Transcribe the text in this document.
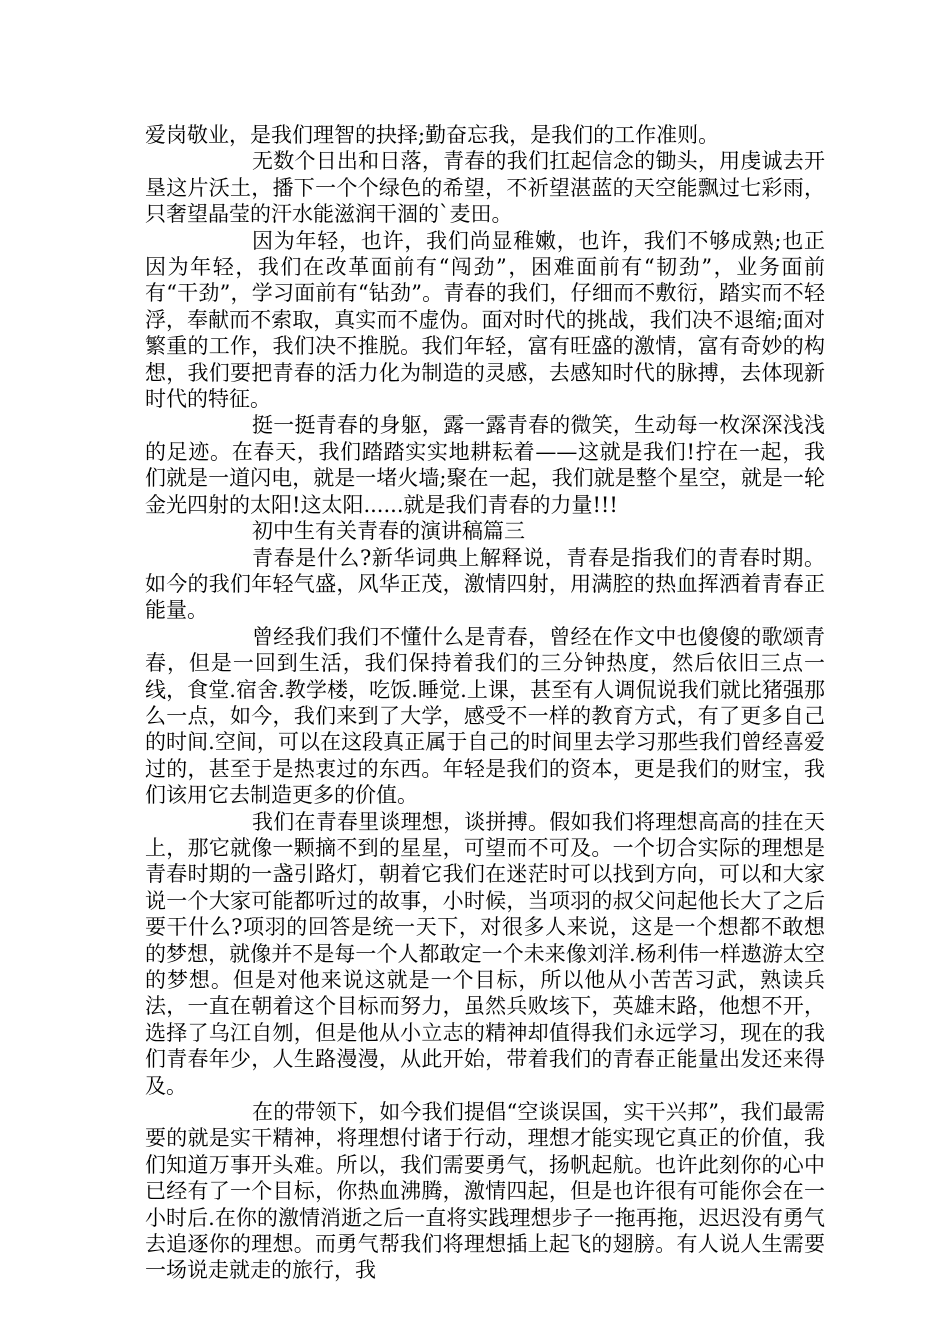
爱岗敬业，是我们理智的抉择;勤奋忘我，是我们的工作准则。

无数个日出和日落，青春的我们扛起信念的锄头，用虔诚去开垦这片沃土，播下一个个绿色的希望，不祈望湛蓝的天空能飘过七彩雨，只奢望晶莹的汗水能滋润干涸的`麦田。

因为年轻，也许，我们尚显稚嫩，也许，我们不够成熟;也正因为年轻，我们在改革面前有“闯劲”，困难面前有“韧劲”，业务面前有“干劲”，学习面前有“钻劲”。青春的我们，仔细而不敷衍，踏实而不轻浮，奉献而不索取，真实而不虚伪。面对时代的挑战，我们决不退缩;面对繁重的工作，我们决不推脱。我们年轻，富有旺盛的激情，富有奇妙的构想，我们要把青春的活力化为制造的灵感，去感知时代的脉搏，去体现新时代的特征。

挺一挺青春的身躯，露一露青春的微笑，生动每一枚深深浅浅的足迹。在春天，我们踏踏实实地耕耘着——这就是我们!拧在一起，我们就是一道闪电，就是一堵火墙;聚在一起，我们就是整个星空，就是一轮金光四射的太阳!这太阳......就是我们青春的力量!!!

初中生有关青春的演讲稿篇三

青春是什么?新华词典上解释说，青春是指我们的青春时期。如今的我们年轻气盛，风华正茂，激情四射，用满腔的热血挥洒着青春正能量。

曾经我们我们不懂什么是青春，曾经在作文中也傻傻的歌颂青春，但是一回到生活，我们保持着我们的三分钟热度，然后依旧三点一线，食堂.宿舍.教学楼，吃饭.睡觉.上课，甚至有人调侃说我们就比猪强那么一点，如今，我们来到了大学，感受不一样的教育方式，有了更多自己的时间.空间，可以在这段真正属于自己的时间里去学习那些我们曾经喜爱过的，甚至于是热衷过的东西。年轻是我们的资本，更是我们的财宝，我们该用它去制造更多的价值。

我们在青春里谈理想，谈拼搏。假如我们将理想高高的挂在天上，那它就像一颗摘不到的星星，可望而不可及。一个切合实际的理想是青春时期的一盏引路灯，朝着它我们在迷茫时可以找到方向，可以和大家说一个大家可能都听过的故事，小时候，当项羽的叔父问起他长大了之后要干什么?项羽的回答是统一天下，对很多人来说，这是一个想都不敢想的梦想，就像并不是每一个人都敢定一个未来像刘洋.杨利伟一样遨游太空的梦想。但是对他来说这就是一个目标，所以他从小苦苦习武，熟读兵法，一直在朝着这个目标而努力，虽然兵败垓下，英雄末路，他想不开，选择了乌江自刎，但是他从小立志的精神却值得我们永远学习，现在的我们青春年少，人生路漫漫，从此开始，带着我们的青春正能量出发还来得及。

在的带领下，如今我们提倡“空谈误国，实干兴邦”，我们最需要的就是实干精神，将理想付诸于行动，理想才能实现它真正的价值，我们知道万事开头难。所以，我们需要勇气，扬帆起航。也许此刻你的心中已经有了一个目标，你热血沸腾，激情四起，但是也许很有可能你会在一小时后.在你的激情消逝之后一直将实践理想步子一拖再拖，迟迟没有勇气去追逐你的理想。而勇气帮我们将理想插上起飞的翅膀。有人说人生需要一场说走就走的旅行，我
